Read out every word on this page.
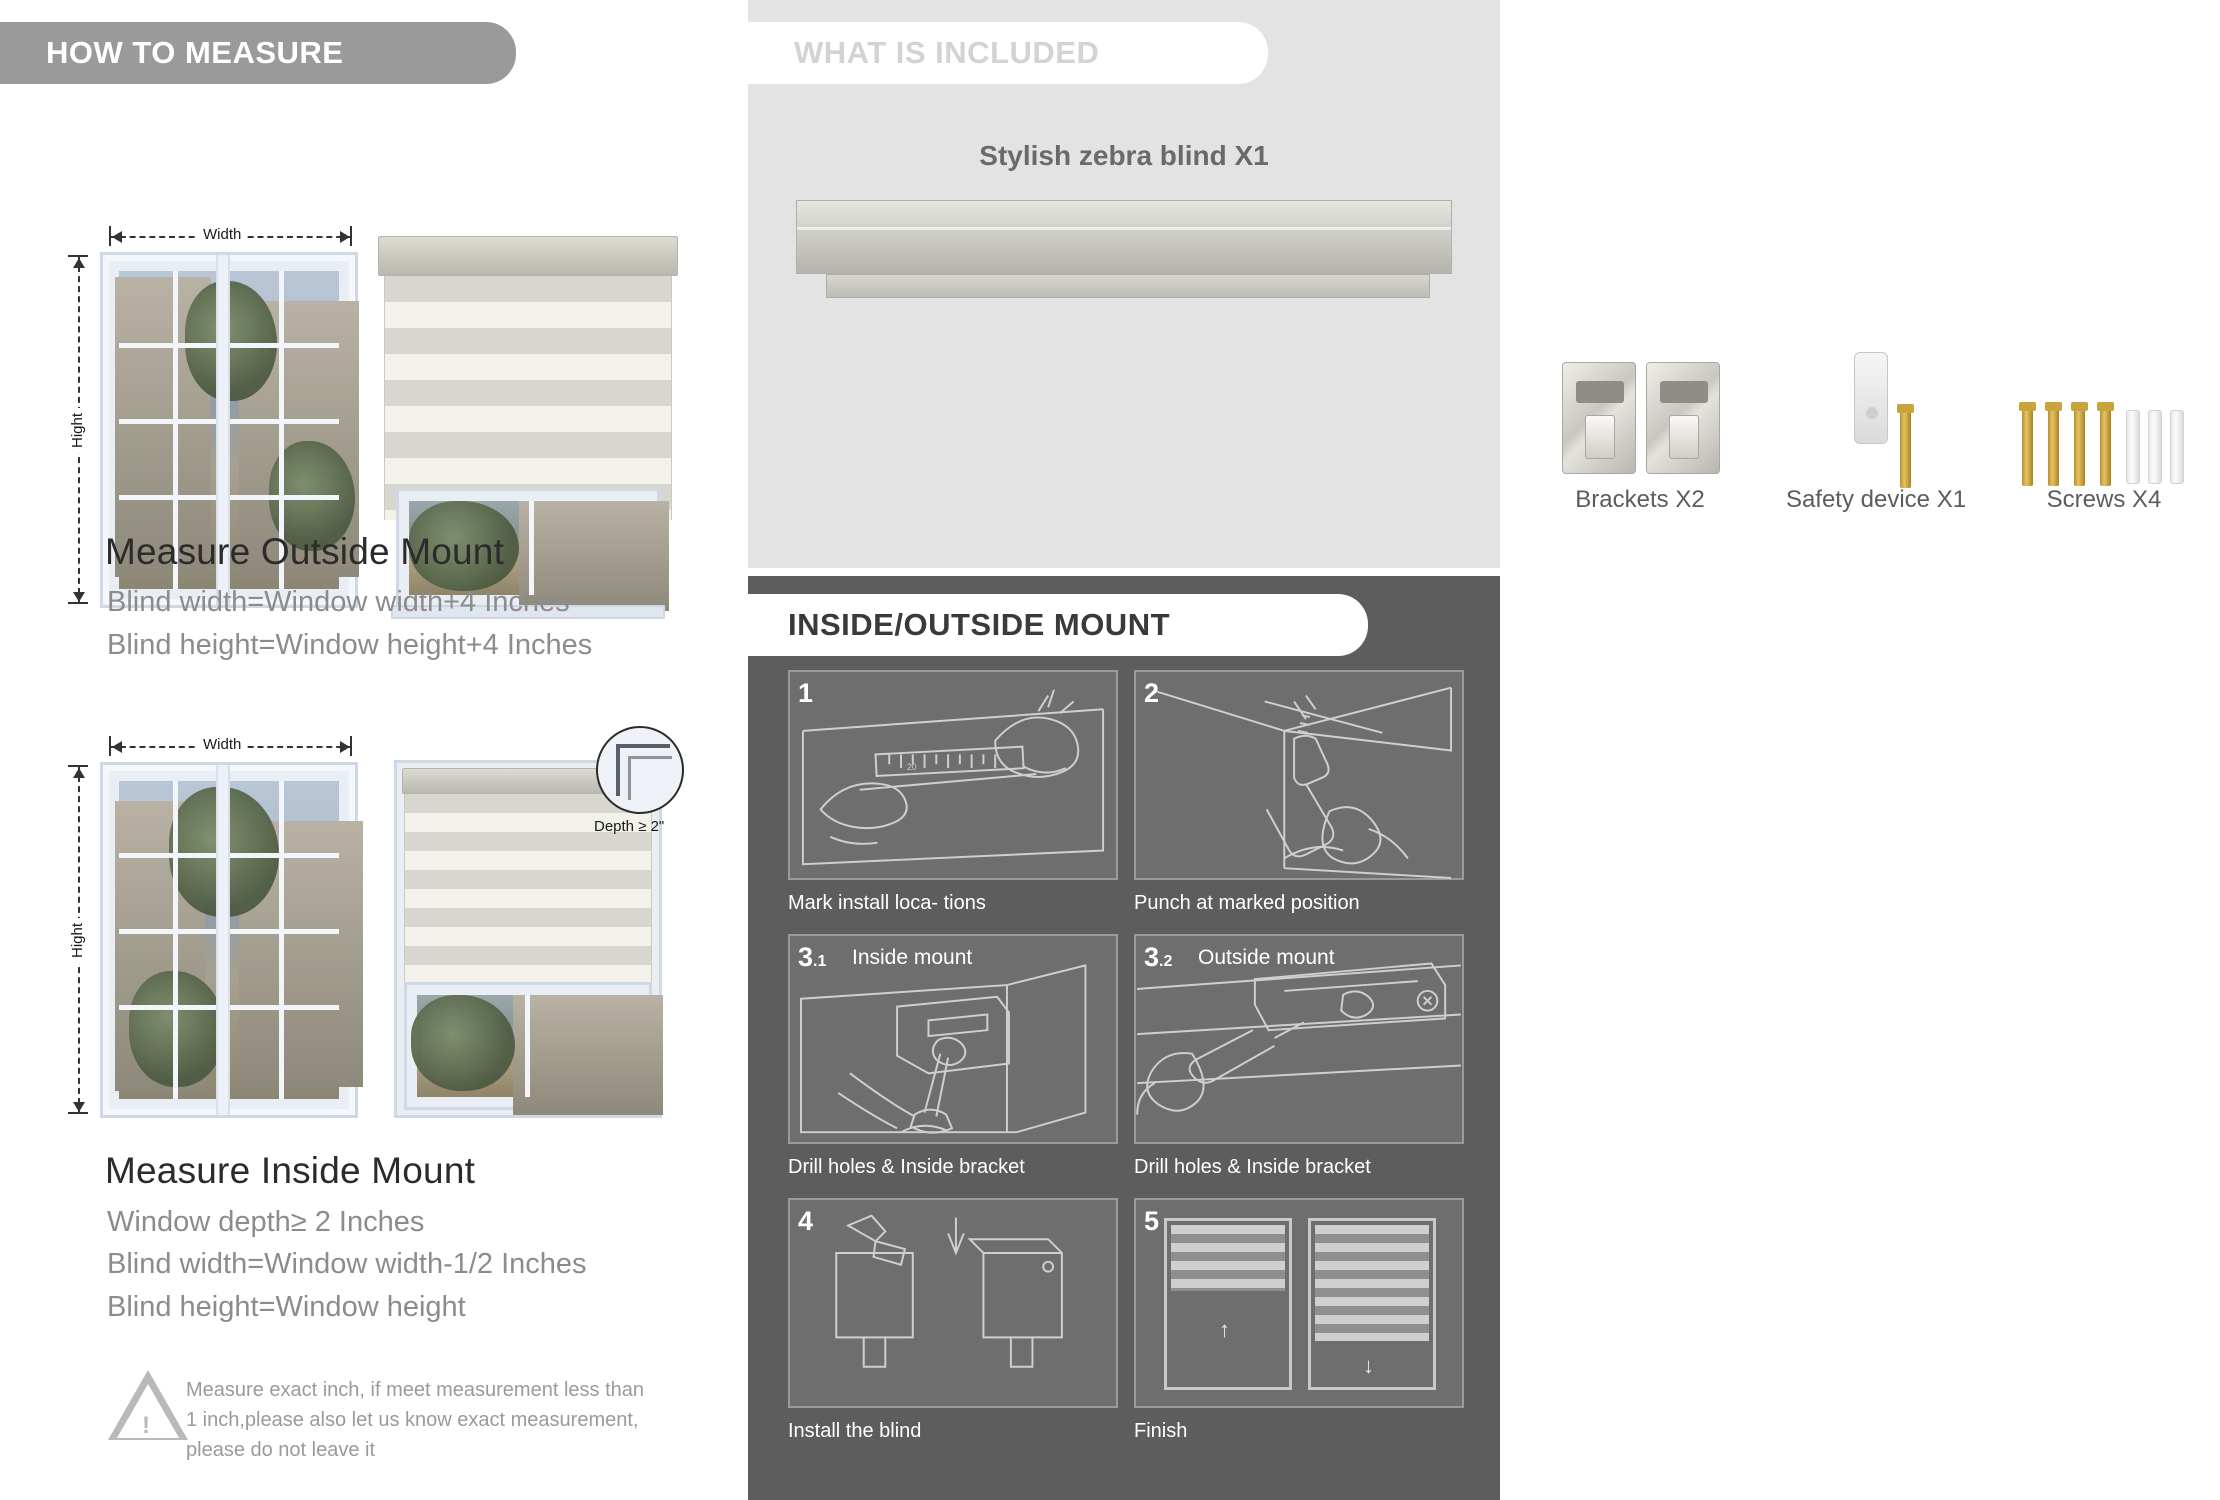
HOW TO MEASURE
Width
Hight
Measure Outside Mount
Blind width=Window width+4 Inches
Blind height=Window height+4 Inches
Width
Hight
Depth ≥ 2"
Measure Inside Mount
Window depth≥ 2 Inches
Blind width=Window width-1/2 Inches
Blind height=Window height
!
Measure exact inch, if meet measurement less than 1 inch,please also let us know exact measurement, please do not leave it
WHAT IS INCLUDED
Stylish zebra blind X1
Brackets X2	Safety device X1	Screws X4
INSIDE/OUTSIDE MOUNT
20
1
Mark install loca- tions
2
Punch at marked position
3.1 Inside mount
Drill holes & Inside bracket
3.2 Outside mount
Drill holes & Inside bracket
4
Install the blind
↑
↓
5
Finish
